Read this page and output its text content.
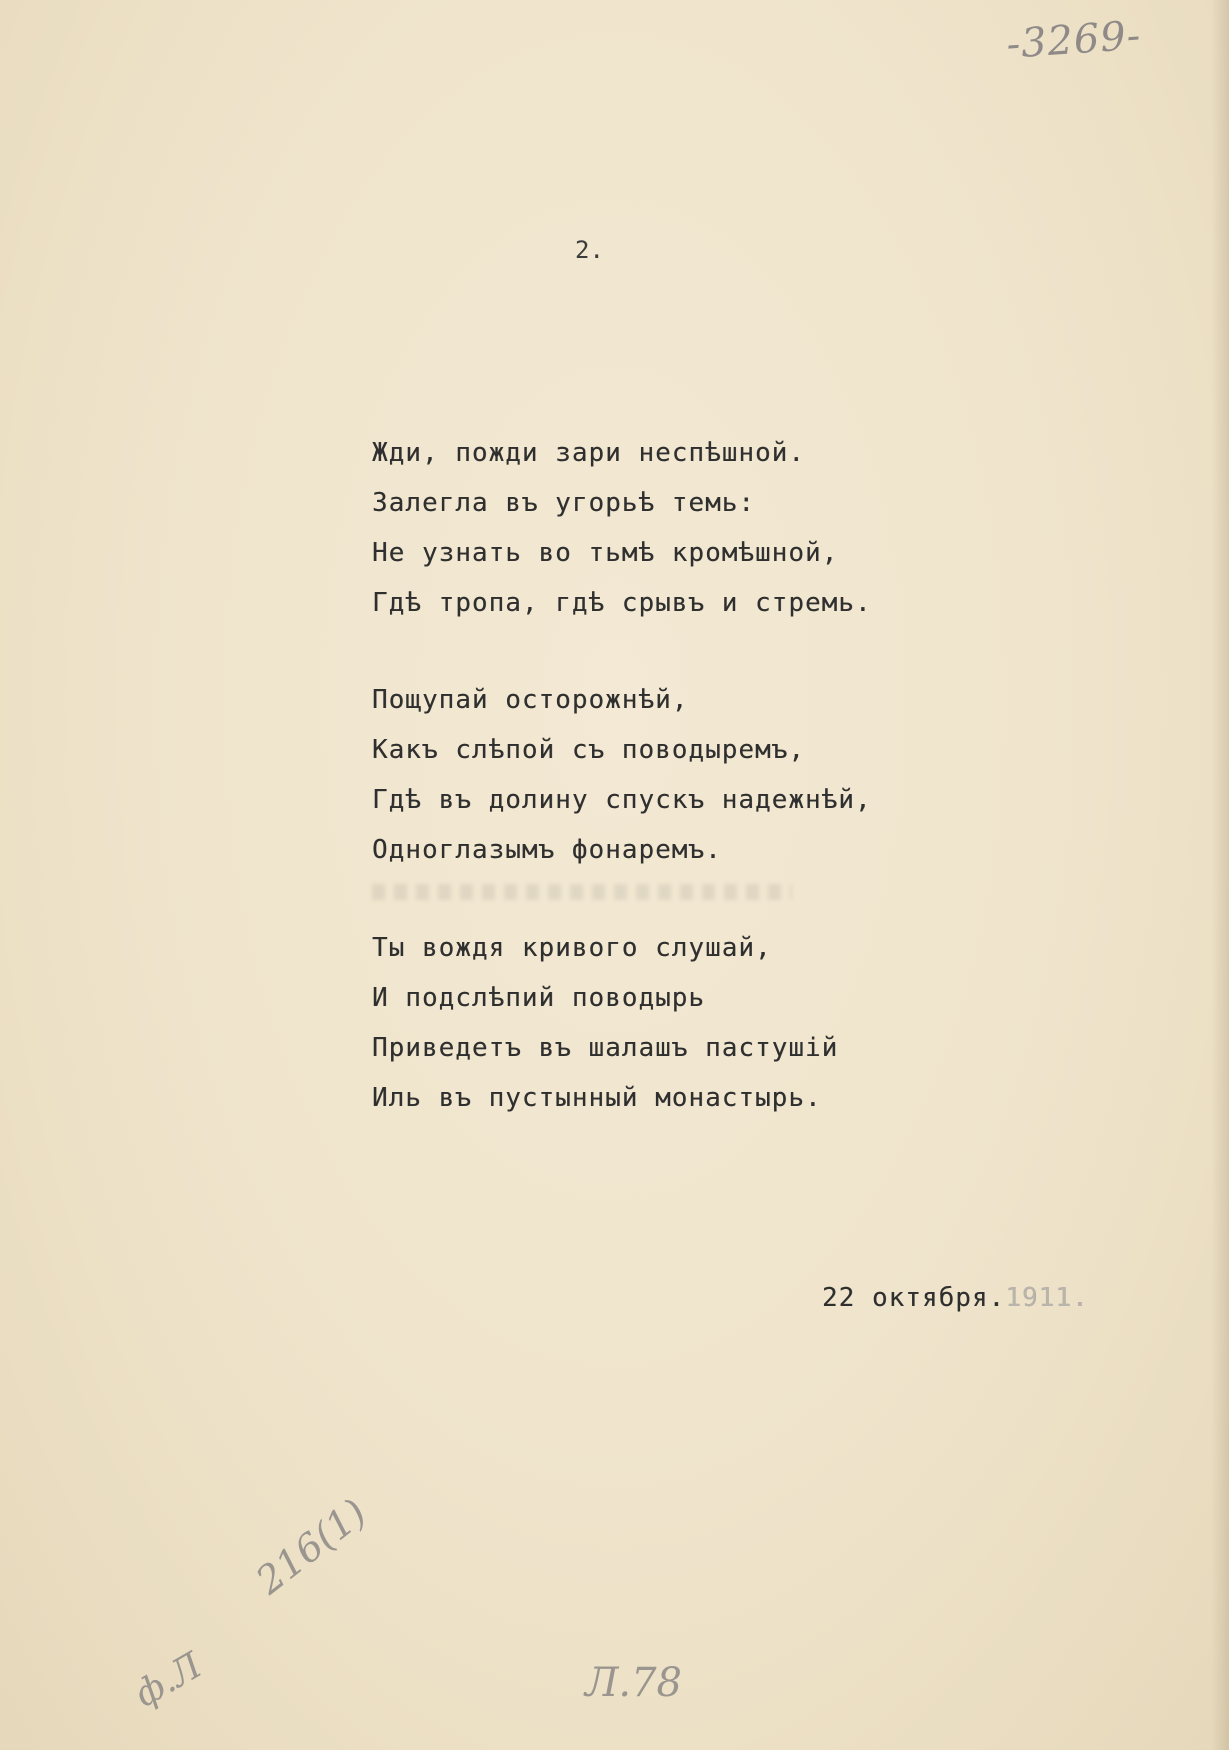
-3269-
2.
Жди, пожди зари неспѣшной.
Залегла въ угорьѣ темь:
Не узнать во тьмѣ кромѣшной,
Гдѣ тропа, гдѣ срывъ и стремь.
Пощупай осторожнѣй,
Какъ слѣпой съ поводыремъ,
Гдѣ въ долину спускъ надежнѣй,
Одноглазымъ фонаремъ.
Ты вождя кривого слушай,
И подслѣпий поводырь
Приведетъ въ шалашъ пастушій
Иль въ пустынный монастырь.
22 октября.1911.
216(1)
ф.Л	Л.78
